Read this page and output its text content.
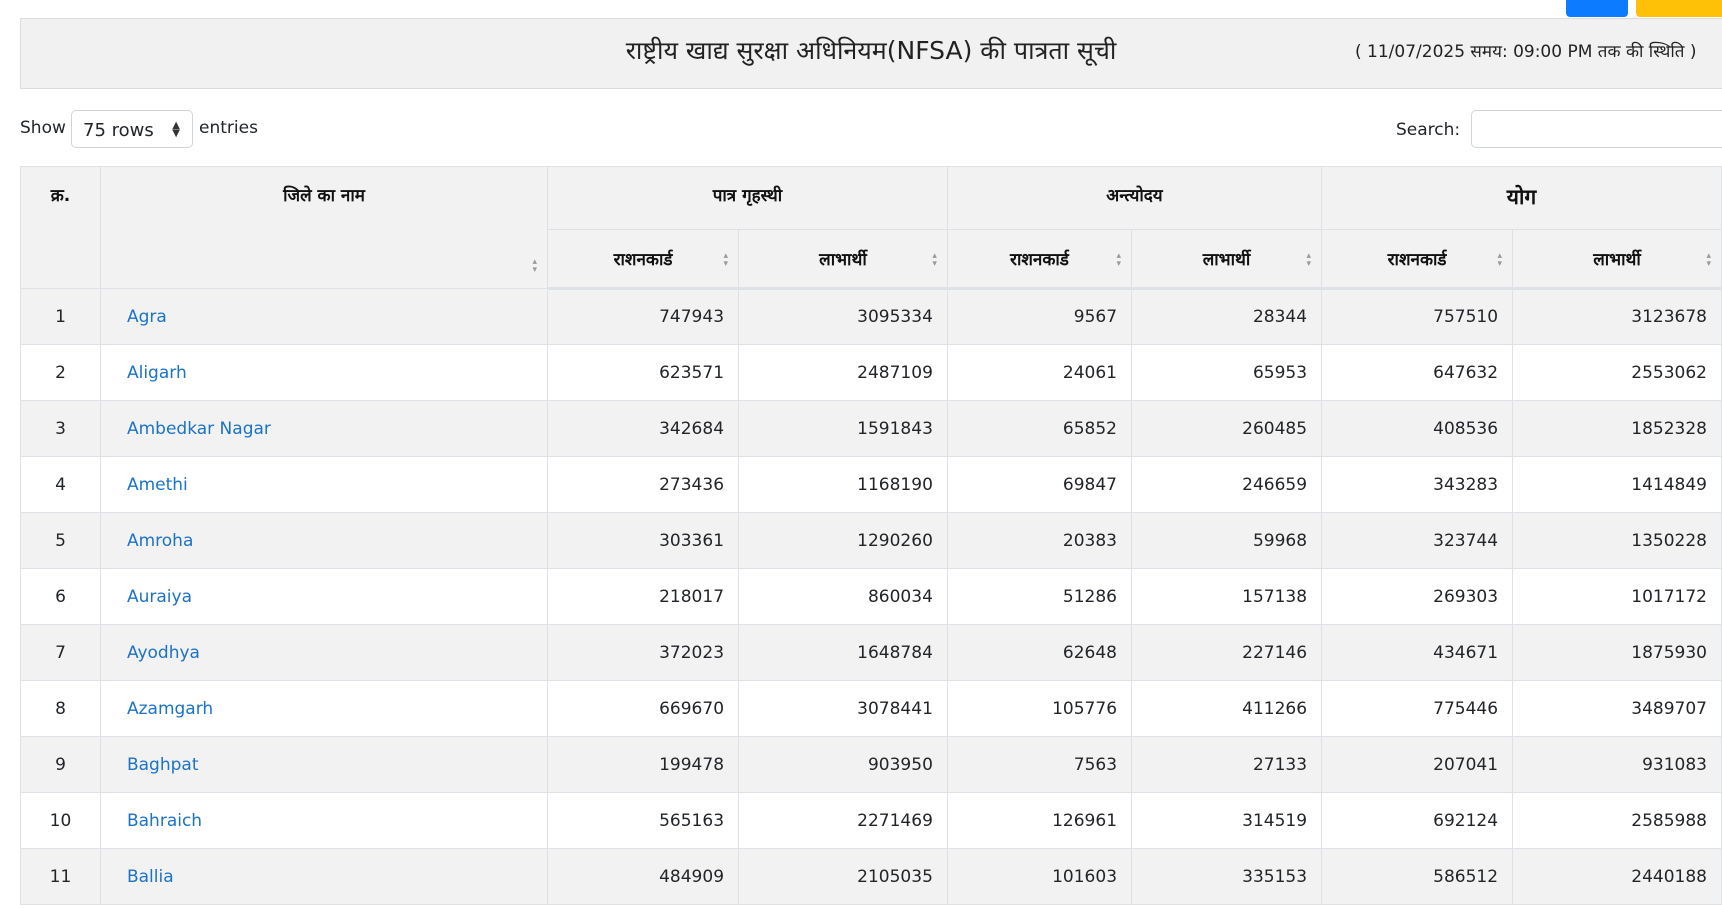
राष्ट्रीय खाद्य सुरक्षा अधिनियम(NFSA) की पात्रता सूची	( 11/07/2025 समय: 09:00 PM तक की स्थिति )
Show 75 rows ▲
▼ entries	Search:
क्र.	जिले का नाम ▴ ▾	पात्र गृहस्थी		अन्त्योदय		योग	
		राशनकार्ड ▴ ▾	लाभार्थी ▴ ▾	राशनकार्ड ▴ ▾	लाभार्थी ▴ ▾	राशनकार्ड ▴ ▾	लाभार्थी ▴ ▾
1	Agra	747943	3095334	9567	28344	757510	3123678
2	Aligarh	623571	2487109	24061	65953	647632	2553062
3	Ambedkar Nagar	342684	1591843	65852	260485	408536	1852328
4	Amethi	273436	1168190	69847	246659	343283	1414849
5	Amroha	303361	1290260	20383	59968	323744	1350228
6	Auraiya	218017	860034	51286	157138	269303	1017172
7	Ayodhya	372023	1648784	62648	227146	434671	1875930
8	Azamgarh	669670	3078441	105776	411266	775446	3489707
9	Baghpat	199478	903950	7563	27133	207041	931083
10	Bahraich	565163	2271469	126961	314519	692124	2585988
11	Ballia	484909	2105035	101603	335153	586512	2440188
